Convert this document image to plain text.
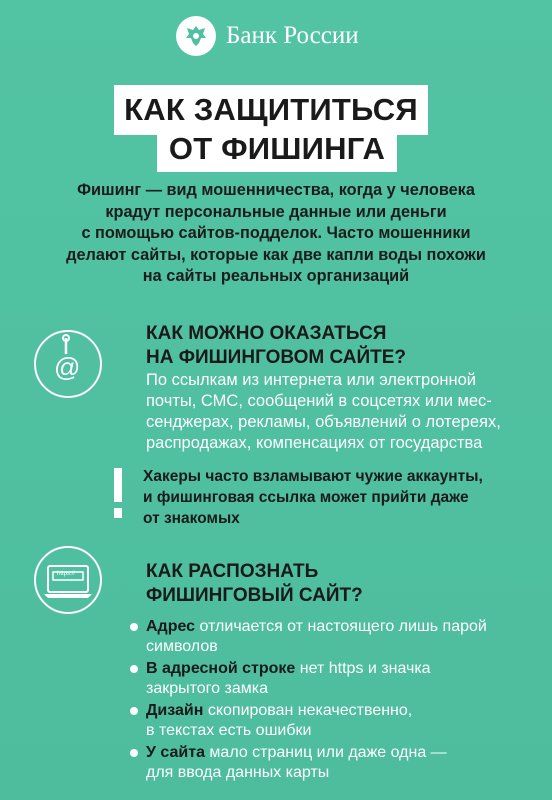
Банк России
КАК ЗАЩИТИТЬСЯ
ОТ ФИШИНГА
Фишинг — вид мошенничества, когда у человека
крадут персональные данные или деньги
с помощью сайтов-подделок. Часто мошенники
делают сайты, которые как две капли воды похожи
на сайты реальных организаций
@
КАК МОЖНО ОКАЗАТЬСЯ
НА ФИШИНГОВОМ САЙТЕ?
По ссылкам из интернета или электронной
почты, СМС, сообщений в соцсетях или мес-
сенджерах, рекламы, объявлений о лотереях,
распродажах, компенсациях от государства
Хакеры часто взламывают чужие аккаунты,
и фишинговая ссылка может прийти даже
от знакомых
https://	КАК РАСПОЗНАТЬ
ФИШИНГОВЫЙ САЙТ?
Адрес отличается от настоящего лишь парой
символов
В адресной строке нет https и значка
закрытого замка
Дизайн скопирован некачественно,
в текстах есть ошибки
У сайта мало страниц или даже одна —
для ввода данных карты
